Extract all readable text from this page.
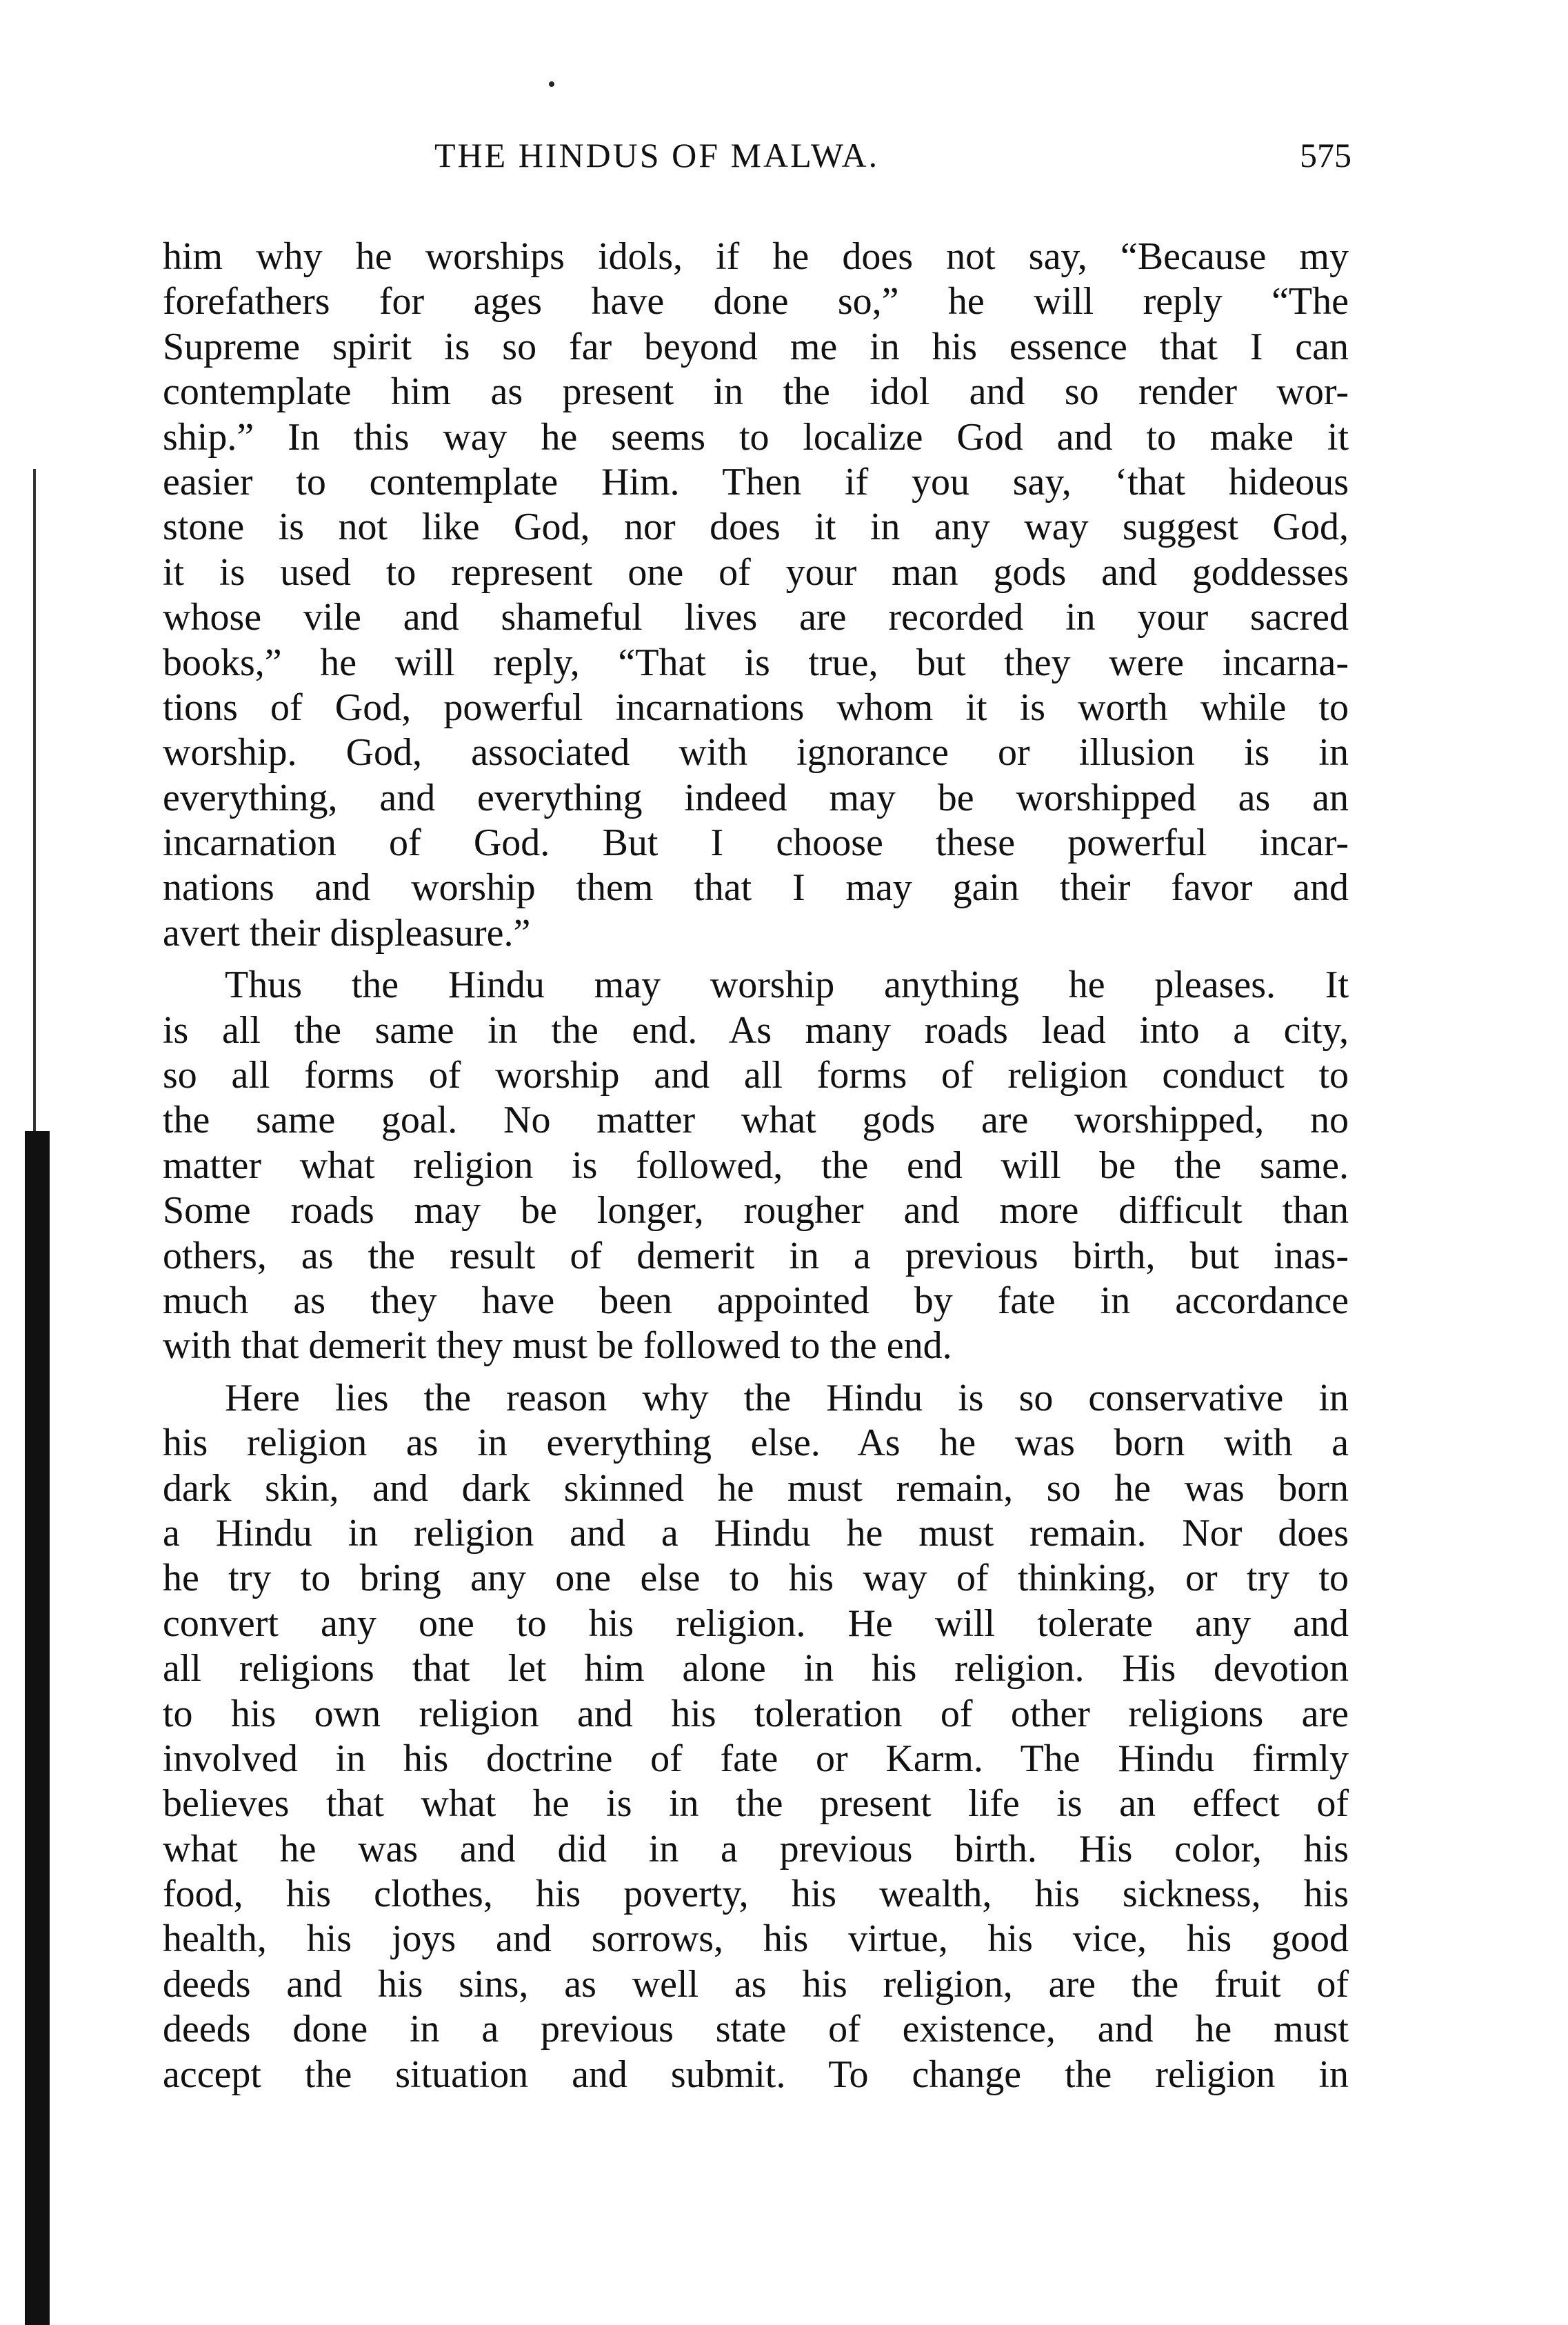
THE HINDUS OF MALWA.	575
him why he worships idols, if he does not say, “Because my
forefathers for ages have done so,” he will reply “The
Supreme spirit is so far beyond me in his essence that I can
contemplate him as present in the idol and so render wor-
ship.” In this way he seems to localize God and to make it
easier to contemplate Him. Then if you say, ‘that hideous
stone is not like God, nor does it in any way suggest God,
it is used to represent one of your man gods and goddesses
whose vile and shameful lives are recorded in your sacred
books,” he will reply, “That is true, but they were incarna-
tions of God, powerful incarnations whom it is worth while to
worship. God, associated with ignorance or illusion is in
everything, and everything indeed may be worshipped as an
incarnation of God. But I choose these powerful incar-
nations and worship them that I may gain their favor and
avert their displeasure.”
Thus the Hindu may worship anything he pleases. It
is all the same in the end. As many roads lead into a city,
so all forms of worship and all forms of religion conduct to
the same goal. No matter what gods are worshipped, no
matter what religion is followed, the end will be the same.
Some roads may be longer, rougher and more difficult than
others, as the result of demerit in a previous birth, but inas-
much as they have been appointed by fate in accordance
with that demerit they must be followed to the end.
Here lies the reason why the Hindu is so conservative in
his religion as in everything else. As he was born with a
dark skin, and dark skinned he must remain, so he was born
a Hindu in religion and a Hindu he must remain. Nor does
he try to bring any one else to his way of thinking, or try to
convert any one to his religion. He will tolerate any and
all religions that let him alone in his religion. His devotion
to his own religion and his toleration of other religions are
involved in his doctrine of fate or Karm. The Hindu firmly
believes that what he is in the present life is an effect of
what he was and did in a previous birth. His color, his
food, his clothes, his poverty, his wealth, his sickness, his
health, his joys and sorrows, his virtue, his vice, his good
deeds and his sins, as well as his religion, are the fruit of
deeds done in a previous state of existence, and he must
accept the situation and submit. To change the religion in
